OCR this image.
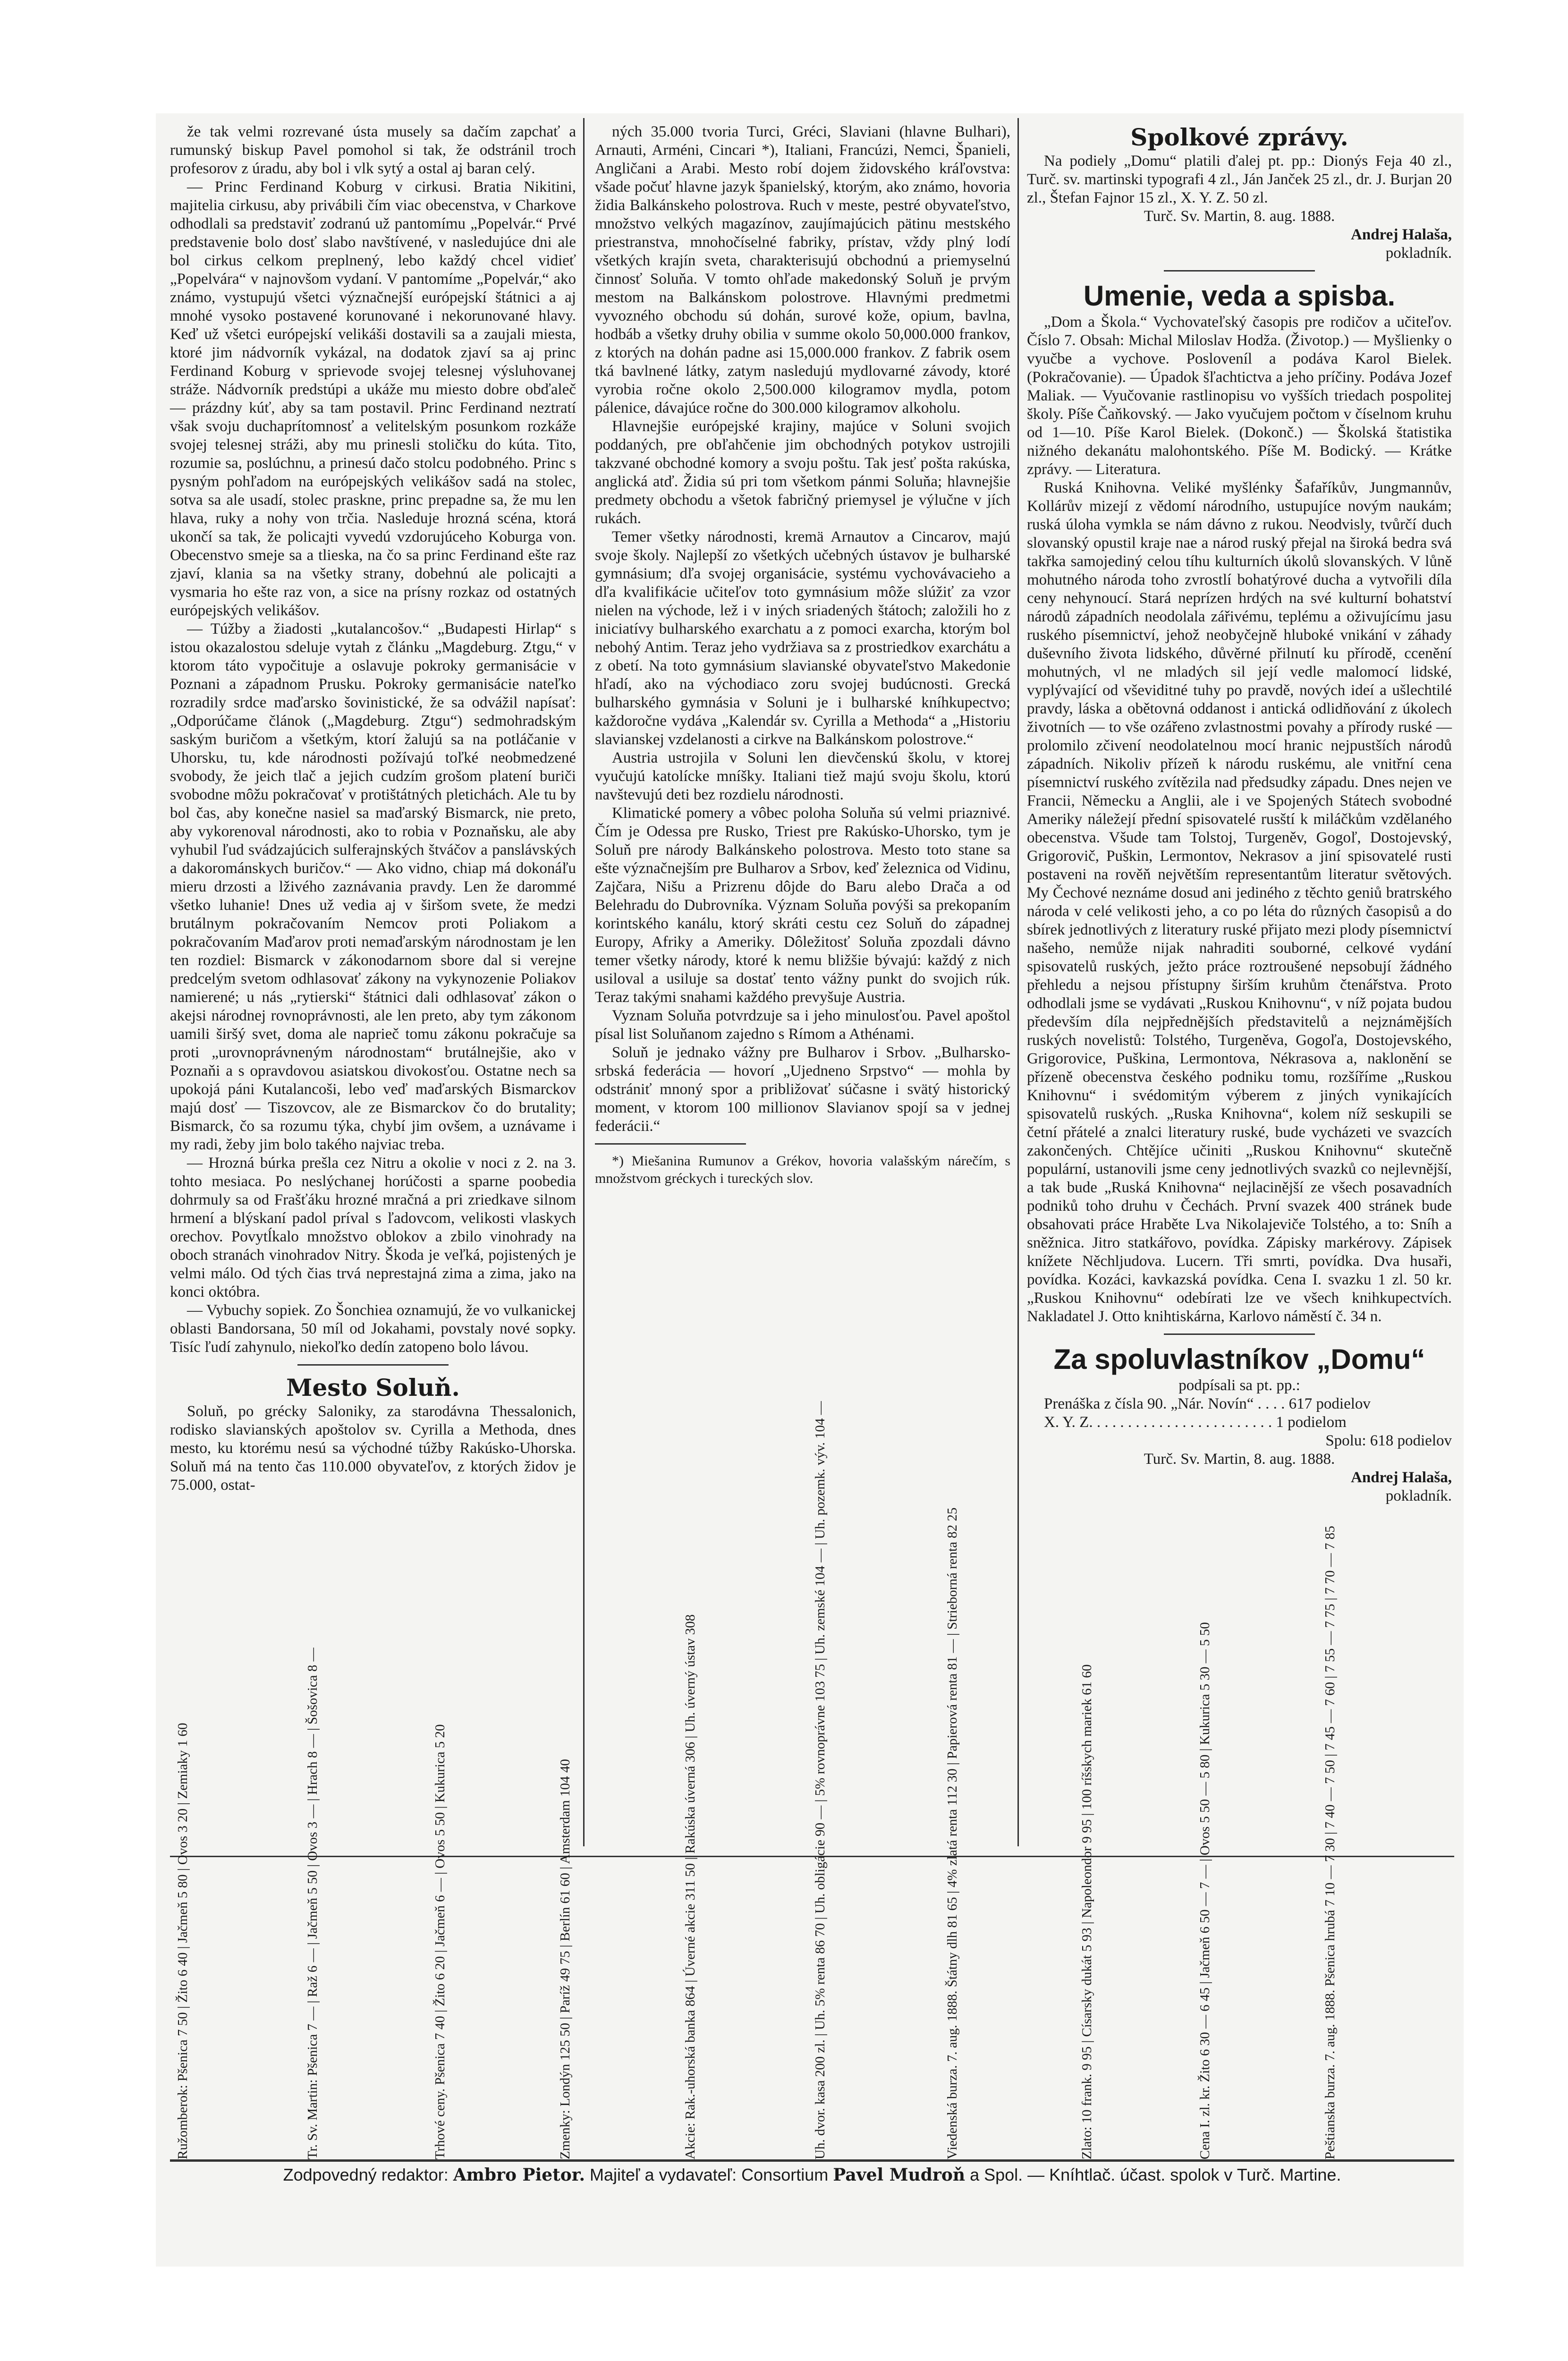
že tak velmi rozrevané ústa musely sa dačím zapchať a rumunský biskup Pavel pomohol si tak, že odstránil troch profesorov z úradu, aby bol i vlk sytý a ostal aj baran celý.

— Princ Ferdinand Koburg v cirkusi. Bratia Nikitini, majitelia cirkusu, aby privábili čím viac obecenstva, v Charkove odhodlali sa predstaviť zodranú už pantomímu „Popelvár.“ Prvé predstavenie bolo dosť slabo navštívené, v nasledujúce dni ale bol cirkus celkom preplnený, lebo každý chcel vidieť „Popelvára“ v najnovšom vydaní. V pantomíme „Popelvár,“ ako známo, vystupujú všetci význačnejší európejskí štátnici a aj mnohé vysoko postavené korunované i nekorunované hlavy. Keď už všetci európejskí velikáši dostavili sa a zaujali miesta, ktoré jim nádvorník vykázal, na dodatok zjaví sa aj princ Ferdinand Koburg v sprievode svojej telesnej výsluhovanej stráže. Nádvorník predstúpi a ukáže mu miesto dobre obďaleč — prázdny kúť, aby sa tam postavil. Princ Ferdinand neztratí však svoju duchaprítomnosť a velitelským posunkom rozkáže svojej telesnej stráži, aby mu prinesli stoličku do kúta. Tito, rozumie sa, poslúchnu, a prinesú dačo stolcu podobného. Princ s pysným pohľadom na európejských velikášov sadá na stolec, sotva sa ale usadí, stolec praskne, princ prepadne sa, že mu len hlava, ruky a nohy von trčia. Nasleduje hrozná scéna, ktorá ukončí sa tak, že policajti vyvedú vzdorujúceho Koburga von. Obecenstvo smeje sa a tlieska, na čo sa princ Ferdinand ešte raz zjaví, klania sa na všetky strany, dobehnú ale policajti a vysmaria ho ešte raz von, a sice na prísny rozkaz od ostatných európejských velikášov.

— Túžby a žiadosti „kutalancošov.“ „Budapesti Hirlap“ s istou okazalostou sdeluje vytah z článku „Magdeburg. Ztgu,“ v ktorom táto vypočituje a oslavuje pokroky germanisácie v Poznani a západnom Prusku. Pokroky germanisácie nateľko rozradily srdce maďarsko šovinistické, že sa odvážil napísať: „Odporúčame článok („Magdeburg. Ztgu“) sedmohradským saským buričom a všetkým, ktorí žalujú sa na potláčanie v Uhorsku, tu, kde národnosti požívajú toľké neobmedzené svobody, že jeich tlač a jejich cudzím grošom platení buriči svobodne môžu pokračovať v protištátných pletichách. Ale tu by bol čas, aby konečne nasiel sa maďarský Bismarck, nie preto, aby vykorenoval národnosti, ako to robia v Poznaňsku, ale aby vyhubil ľud svádzajúcich sulferajnských štváčov a panslávských a dakorománskych buričov.“ — Ako vidno, chiap má dokonáľu mieru drzosti a lživého zaznávania pravdy. Len že darommé všetko luhanie! Dnes už vedia aj v širšom svete, že medzi brutálnym pokračovaním Nemcov proti Poliakom a pokračovaním Maďarov proti nemaďarským národnostam je len ten rozdiel: Bismarck v zákonodarnom sbore dal si verejne predcelým svetom odhlasovať zákony na vykynozenie Poliakov namierené; u nás „rytierski“ štátnici dali odhlasovať zákon o akejsi národnej rovnoprávnosti, ale len preto, aby tym zákonom uamili širšý svet, doma ale naprieč tomu zákonu pokračuje sa proti „urovnoprávneným národnostam“ brutálnejšie, ako v Poznaňi a s opravdovou asiatskou divokosťou. Ostatne nech sa upokojá páni Kutalancoši, lebo veď maďarských Bismarckov majú dosť — Tiszovcov, ale ze Bismarckov čo do brutality; Bismarck, čo sa rozumu týka, chybí jim ovšem, a uznávame i my radi, žeby jim bolo takého najviac treba.

— Hrozná búrka prešla cez Nitru a okolie v noci z 2. na 3. tohto mesiaca. Po neslýchanej horúčosti a sparne poobedia dohrmuly sa od Frašťáku hrozné mračná a pri zriedkave silnom hrmení a blýskaní padol príval s ľadovcom, velikosti vlaskych orechov. Povytĺkalo množstvo oblokov a zbilo vinohrady na oboch stranách vinohradov Nitry. Škoda je veľká, pojistených je velmi málo. Od tých čias trvá neprestajná zima a zima, jako na konci októbra.

— Vybuchy sopiek. Zo Šonchiea oznamujú, že vo vulkanickej oblasti Bandorsana, 50 míl od Jokahami, povstaly nové sopky. Tisíc ľudí zahynulo, niekoľko dedín zatopeno bolo lávou.

Mesto Soluň.

Soluň, po grécky Saloniky, za starodávna Thessalonich, rodisko slavianských apoštolov sv. Cyrilla a Methoda, dnes mesto, ku ktorému nesú sa východné túžby Rakúsko-Uhorska. Soluň má na tento čas 110.000 obyvateľov, z ktorých židov je 75.000, ostat-

ných 35.000 tvoria Turci, Gréci, Slaviani (hlavne Bulhari), Arnauti, Arméni, Cincari *), Italiani, Francúzi, Nemci, Španieli, Angličani a Arabi. Mesto robí dojem židovského kráľovstva: všade počuť hlavne jazyk španielský, ktorým, ako známo, hovoria židia Balkánskeho polostrova. Ruch v meste, pestré obyvateľstvo, množstvo velkých magazínov, zaujímajúcich pätinu mestského priestranstva, mnohočíselné fabriky, prístav, vždy plný lodí všetkých krajín sveta, charakterisujú obchodnú a priemyselnú činnosť Soluňa. V tomto ohľade makedonský Soluň je prvým mestom na Balkánskom polostrove. Hlavnými predmetmi vyvozného obchodu sú dohán, surové kože, opium, bavlna, hodbáb a všetky druhy obilia v summe okolo 50,000.000 frankov, z ktorých na dohán padne asi 15,000.000 frankov. Z fabrik osem tká bavlnené látky, zatym nasledujú mydlovarné závody, ktoré vyrobia ročne okolo 2,500.000 kilogramov mydla, potom pálenice, dávajúce ročne do 300.000 kilogramov alkoholu.

Hlavnejšie európejské krajiny, majúce v Soluni svojich poddaných, pre obľahčenie jim obchodných potykov ustrojili takzvané obchodné komory a svoju poštu. Tak jesť pošta rakúska, anglická atď. Židia sú pri tom všetkom pánmi Soluňa; hlavnejšie predmety obchodu a všetok fabričný priemysel je výlučne v jích rukách.

Temer všetky národnosti, kremä Arnautov a Cincarov, majú svoje školy. Najlepší zo všetkých učebných ústavov je bulharské gymnásium; dľa svojej organisácie, systému vychovávacieho a dľa kvalifikácie učiteľov toto gymnásium môže slúžiť za vzor nielen na východe, lež i v iných sriadených štátoch; založili ho z iniciatívy bulharského exarchatu a z pomoci exarcha, ktorým bol nebohý Antim. Teraz jeho vydržiava sa z prostriedkov exarchátu a z obetí. Na toto gymnásium slavianské obyvateľstvo Makedonie hľadí, ako na východiaco zoru svojej budúcnosti. Grecká bulharského gymnásia v Soluni je i bulharské kníhkupectvo; každoročne vydáva „Kalendár sv. Cyrilla a Methoda“ a „Historiu slavianskej vzdelanosti a cirkve na Balkánskom polostrove.“

Austria ustrojila v Soluni len dievčenskú školu, v ktorej vyučujú katolícke mníšky. Italiani tiež majú svoju školu, ktorú navštevujú deti bez rozdielu národnosti.

Klimatické pomery a vôbec poloha Soluňa sú velmi priaznivé. Čím je Odessa pre Rusko, Triest pre Rakúsko-Uhorsko, tym je Soluň pre národy Balkánskeho polostrova. Mesto toto stane sa ešte význačnejším pre Bulharov a Srbov, keď železnica od Vidinu, Zajčara, Nišu a Prizrenu dôjde do Baru alebo Drača a od Belehradu do Dubrovníka. Význam Soluňa povýši sa prekopaním korintského kanálu, ktorý skráti cestu cez Soluň do západnej Europy, Afriky a Ameriky. Dôležitosť Soluňa zpozdali dávno temer všetky národy, ktoré k nemu bližšie bývajú: každý z nich usiloval a usiluje sa dostať tento vážny punkt do svojich rúk. Teraz takými snahami každého prevyšuje Austria.

Vyznam Soluňa potvrdzuje sa i jeho minulosťou. Pavel apoštol písal list Soluňanom zajedno s Rímom a Athénami.

Soluň je jednako vážny pre Bulharov i Srbov. „Bulharsko-srbská federácia — hovorí „Ujedneno Srpstvo“ — mohla by odstrániť mnoný spor a približovať súčasne i svätý historický moment, v ktorom 100 millionov Slavianov spojí sa v jednej federácii.“

*) Miešanina Rumunov a Grékov, hovoria valašským nárečím, s množstvom gréckych i tureckých slov.

Spolkové zprávy.

Na podiely „Domu“ platili ďalej pt. pp.: Dionýs Feja 40 zl., Turč. sv. martinski typografi 4 zl., Ján Janček 25 zl., dr. J. Burjan 20 zl., Štefan Fajnor 15 zl., X. Y. Z. 50 zl.

Turč. Sv. Martin, 8. aug. 1888.

Andrej Halaša,

pokladník.

Umenie, veda a spisba.

„Dom a Škola.“ Vychovateľský časopis pre rodičov a učiteľov. Číslo 7. Obsah: Michal Miloslav Hodža. (Životop.) — Myšlienky o vyučbe a vychove. Posloveníl a podáva Karol Bielek. (Pokračovanie). — Úpadok šľachtictva a jeho príčiny. Podáva Jozef Maliak. — Vyučovanie rastlinopisu vo vyšších triedach pospolitej školy. Píše Čaňkovský. — Jako vyučujem počtom v číselnom kruhu od 1—10. Píše Karol Bielek. (Dokonč.) — Školská štatistika nižného dekanátu malohontského. Píše M. Bodický. — Krátke zprávy. — Literatura.

Ruská Knihovna. Veliké myšlénky Šafaříkův, Jungmannův, Kollárův mizejí z vědomí národního, ustupujíce novým naukám; ruská úloha vymkla se nám dávno z rukou. Neodvisly, tvůrčí duch slovanský opustil kraje nae a národ ruský přejal na široká bedra svá takřka samojediný celou tíhu kulturních úkolů slovanských. V lůně mohutného národa toho zvrostlí bohatýrové ducha a vytvořili díla ceny nehynoucí. Stará neprízen hrdých na své kulturní bohatství národů západních neodolala zářivému, teplému a oživujícímu jasu ruského písemnictví, jehož neobyčejně hluboké vnikání v záhady duševního života lidského, důvěrné přilnutí ku přírodě, ccenění mohutných, vl ne mladých sil její vedle malomocí lidské, vyplývající od vševiditné tuhy po pravdě, nových ideí a ušlechtilé pravdy, láska a obětovná oddanost i antická odlidňování z úkolech životních — to vše ozářeno zvlastnostmi povahy a přírody ruské — prolomilo zčivení neodolatelnou mocí hranic nejpustších národů západních. Nikoliv přízeň k národu ruskému, ale vnitřní cena písemnictví ruského zvítězila nad předsudky západu. Dnes nejen ve Francii, Německu a Anglii, ale i ve Spojených Státech svobodné Ameriky náležejí přední spisovatelé rusští k miláčkům vzdělaného obecenstva. Všude tam Tolstoj, Turgeněv, Gogoľ, Dostojevský, Grigorovič, Puškin, Lermontov, Nekrasov a jiní spisovatelé rusti postaveni na rověň největším representantům literatur světových. My Čechové neznáme dosud ani jediného z těchto geniů bratrského národa v celé velikosti jeho, a co po léta do různých časopisů a do sbírek jednotlivých z literatury ruské přijato mezi plody písemnictví našeho, nemůže nijak nahraditi souborné, celkové vydání spisovatelů ruských, ježto práce roztroušené nepsobují žádného přehledu a nejsou přístupny širším kruhům čtenářstva. Proto odhodlali jsme se vydávati „Ruskou Knihovnu“, v níž pojata budou především díla nejpřednějších představitelů a nejznámějších ruských novelistů: Tolstého, Turgeněva, Gogoľa, Dostojevského, Grigorovice, Puškina, Lermontova, Nékrasova a, naklonění se přízeně obecenstva českého podniku tomu, rozšíříme „Ruskou Knihovnu“ i svédomitým výberem z jiných vynikajících spisovatelů ruských. „Ruska Knihovna“, kolem níž seskupili se četní přátelé a znalci literatury ruské, bude vycházeti ve svazcích zakončených. Chtějíce učiniti „Ruskou Knihovnu“ skutečně populární, ustanovili jsme ceny jednotlivých svazků co nejlevnější, a tak bude „Ruská Knihovna“ nejlacinější ze všech posavadních podniků toho druhu v Čechách. První svazek 400 stránek bude obsahovati práce Hraběte Lva Nikolajeviče Tolstého, a to: Sníh a sněžnica. Jitro statkářovo, povídka. Zápisky markérovy. Zápisek knížete Něchljudova. Lucern. Tři smrti, povídka. Dva husaři, povídka. Kozáci, kavkazská povídka. Cena I. svazku 1 zl. 50 kr. „Ruskou Knihovnu“ odebírati lze ve všech knihkupectvích. Nakladatel J. Otto knihtiskárna, Karlovo náměstí č. 34 n.

Za spoluvlastníkov „Domu“

podpísali sa pt. pp.:

Prenáška z čísla 90. „Nár. Novín“ . . . . 617 podielov

X. Y. Z. . . . . . . . . . . . . . . . . . . . . . . . 1 podielom

Spolu: 618 podielov

Turč. Sv. Martin, 8. aug. 1888.

Andrej Halaša,

pokladník.

Peštianska burza. 7. aug. 1888. Pšenica hrubá 7 10 — 7 30 | 7 40 — 7 50 | 7 45 — 7 60 | 7 55 — 7 75 | 7 70 — 7 85
Cena I. zl. kr. Žito 6 30 — 6 45 | Jačmeň 6 50 — 7 — | Ovos 5 50 — 5 80 | Kukurica 5 30 — 5 50
Zlato: 10 frank. 9 95 | Císarsky dukát 5 93 | Napoleondor 9 95 | 100 ríšskych mariek 61 60
Viedenská burza. 7. aug. 1888. Štátny dlh 81 65 | 4% zlatá renta 112 30 | Papierová renta 81 — | Strieborná renta 82 25
Uh. dvor. kasa 200 zl. | Uh. 5% renta 86 70 | Uh. obligácie 90 — | 5% rovnoprávne 103 75 | Uh. zemské 104 — | Uh. pozemk. výv. 104 —
Akcie: Rak.-uhorská banka 864 | Úverné akcie 311 50 | Rakúska úverná 306 | Uh. úverný ústav 308
Zmenky: Londýn 125 50 | Paríž 49 75 | Berlín 61 60 | Amsterdam 104 40
Trhové ceny. Pšenica 7 40 | Žito 6 20 | Jačmeň 6 — | Ovos 5 50 | Kukurica 5 20
Tr. Sv. Martin: Pšenica 7 — | Raž 6 — | Jačmeň 5 50 | Ovos 3 — | Hrach 8 — | Šošovica 8 —
Ružomberok: Pšenica 7 50 | Žito 6 40 | Jačmeň 5 80 | Ovos 3 20 | Zemiaky 1 60
Zodpovedný redaktor: Ambro Pietor. Majiteľ a vydavateľ: Consortium Pavel Mudroň a Spol. — Kníhtlač. účast. spolok v Turč. Martine.
